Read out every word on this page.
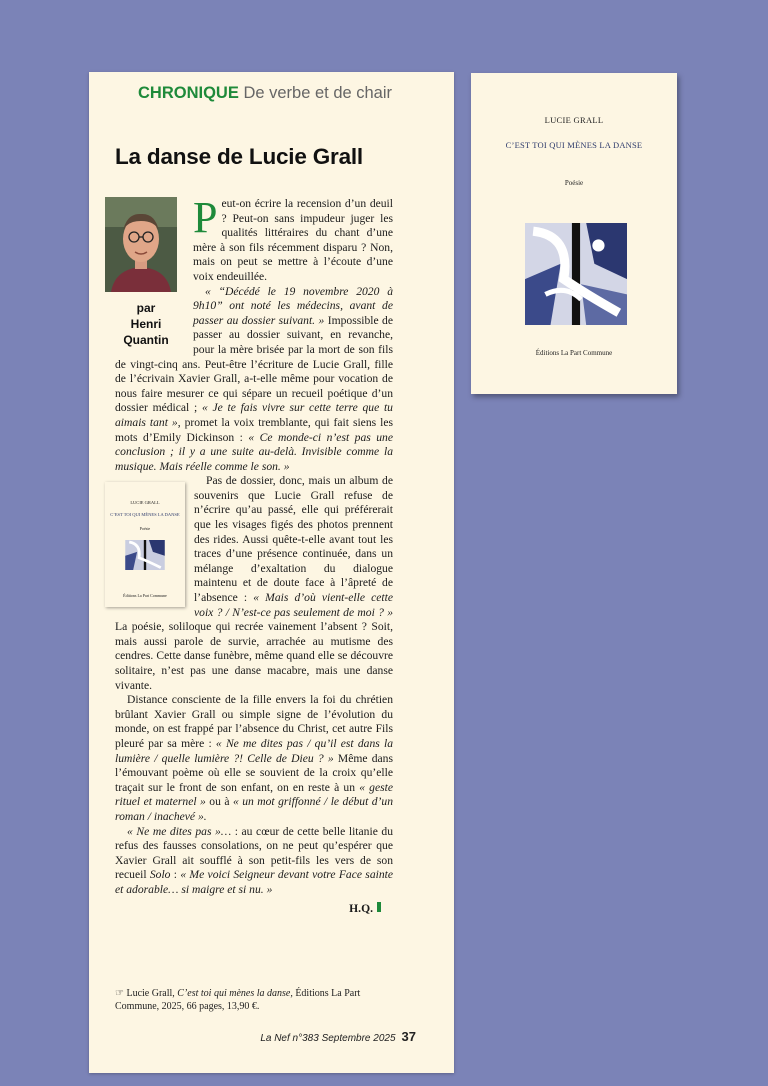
CHRONIQUE De verbe et de chair
La danse de Lucie Grall
par
Henri
Quantin

Peut-on écrire la recension d’un deuil ? Peut-on sans impudeur juger les qualités littéraires du chant d’une mère à son fils récemment disparu ? Non, mais on peut se mettre à l’écoute d’une voix endeuillée.

« “Décédé le 19 novembre 2020 à 9h10” ont noté les médecins, avant de passer au dossier suivant. » Impossible de passer au dossier suivant, en revanche, pour la mère brisée par la mort de son fils de vingt-cinq ans. Peut-être l’écriture de Lucie Grall, fille de l’écrivain Xavier Grall, a-t-elle même pour vocation de nous faire mesurer ce qui sépare un recueil poétique d’un dossier médical ; « Je te fais vivre sur cette terre que tu aimais tant », promet la voix tremblante, qui fait siens les mots d’Emily Dickinson : « Ce monde-ci n’est pas une conclusion ; il y a une suite au-delà. Invisible comme la musique. Mais réelle comme le son. »

LUCIE GRALL
C’EST TOI QUI MÈNES LA DANSE
Poésie
Éditions La Part Commune

Pas de dossier, donc, mais un album de souvenirs que Lucie Grall refuse de n’écrire qu’au passé, elle qui préférerait que les visages figés des photos prennent des rides. Aussi quête-t-elle avant tout les traces d’une présence continuée, dans un mélange d’exaltation du dialogue maintenu et de doute face à l’âpreté de l’absence : « Mais d’où vient-elle cette voix ? / N’est-ce pas seulement de moi ? » La poésie, soliloque qui recrée vainement l’absent ? Soit, mais aussi parole de survie, arrachée au mutisme des cendres. Cette danse funèbre, même quand elle se découvre solitaire, n’est pas une danse macabre, mais une danse vivante.

Distance consciente de la fille envers la foi du chrétien brûlant Xavier Grall ou simple signe de l’évolution du monde, on est frappé par l’absence du Christ, cet autre Fils pleuré par sa mère : « Ne me dites pas / qu’il est dans la lumière / quelle lumière ?! Celle de Dieu ? » Même dans l’émouvant poème où elle se souvient de la croix qu’elle traçait sur le front de son enfant, on en reste à un « geste rituel et maternel » ou à « un mot griffonné / le début d’un roman / inachevé ».

« Ne me dites pas »… : au cœur de cette belle litanie du refus des fausses consolations, on ne peut qu’espérer que Xavier Grall ait soufflé à son petit-fils les vers de son recueil Solo : « Me voici Seigneur devant votre Face sainte et adorable… si maigre et si nu. »

H.Q.
☞ Lucie Grall, C’est toi qui mènes la danse, Éditions La Part Commune, 2025, 66 pages, 13,90 €.
La Nef n°383 Septembre 2025 37
LUCIE GRALL
C’EST TOI QUI MÈNES LA DANSE
Poésie
Éditions La Part Commune
